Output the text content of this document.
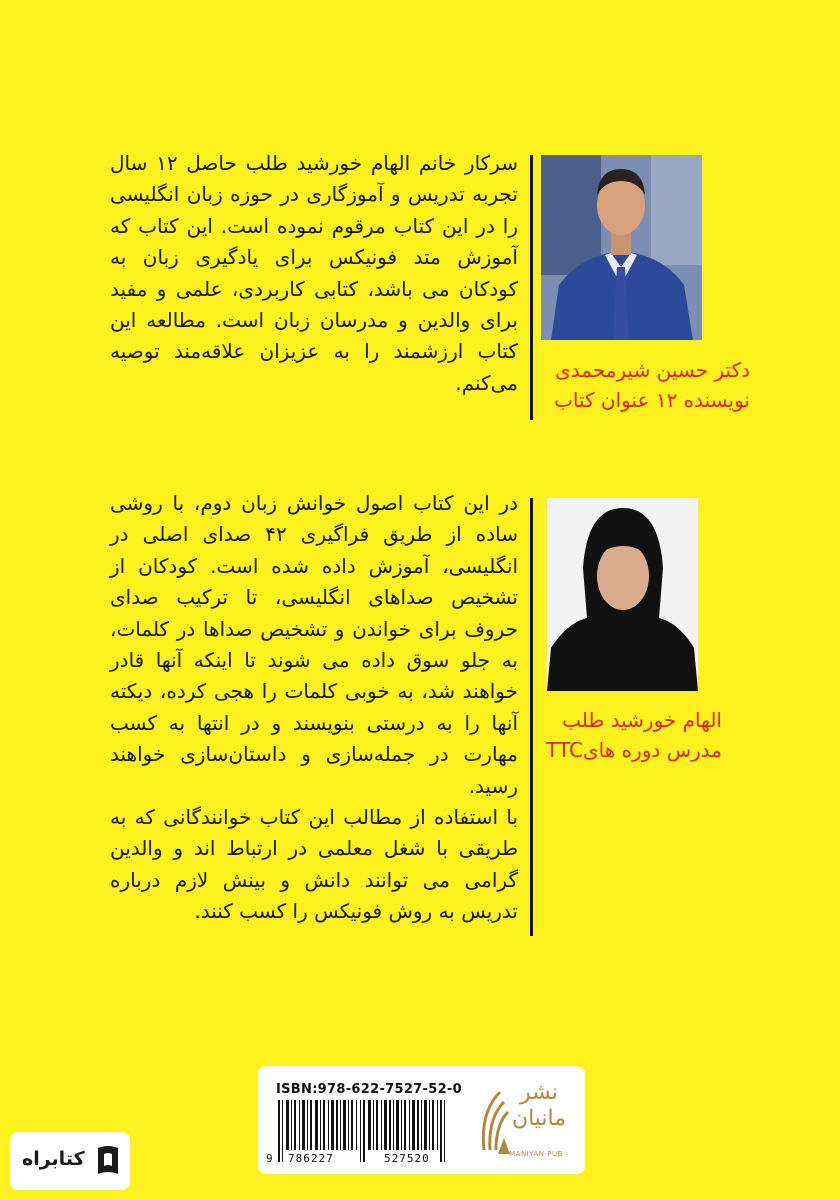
سرکار خانم الهام خورشید طلب حاصل ۱۲ سال تجربه تدریس و آموزگاری در حوزه زبان انگلیسی را در این کتاب مرقوم نموده است. این کتاب که آموزش متد فونیکس برای یادگیری زبان به کودکان می باشد، کتابی کاربردی، علمی و مفید برای والدین و مدرسان زبان است. مطالعه این کتاب ارزشمند را به عزیزان علاقه‌مند توصیه می‌کنم.

دکتر حسین شیرمحمدی
نویسنده ۱۲ عنوان کتاب

در این کتاب اصول خوانش زبان دوم، با روشی ساده از طریق فراگیری ۴۲ صدای اصلی در انگلیسی، آموزش داده شده است. کودکان از تشخیص صداهای انگلیسی، تا ترکیب صدای حروف برای خواندن و تشخیص صداها در کلمات، به جلو سوق داده می شوند تا اینکه آنها قادر خواهند شد، به خوبی کلمات را هجی کرده، دیکته آنها را به درستی بنویسند و در انتها به کسب مهارت در جمله‌سازی و داستان‌سازی خواهند رسید.

با استفاده از مطالب این کتاب خوانندگانی که به طریقی با شغل معلمی در ارتباط اند و والدین گرامی می توانند دانش و بینش لازم درباره تدریس به روش فونیکس را کسب کنند.

الهام خورشید طلب
مدرس دوره هایTTC
ISBN:978-622-7527-52-0
9 786227	527520
نشر
مانیان
MANIYAN PUB
کتابراه
